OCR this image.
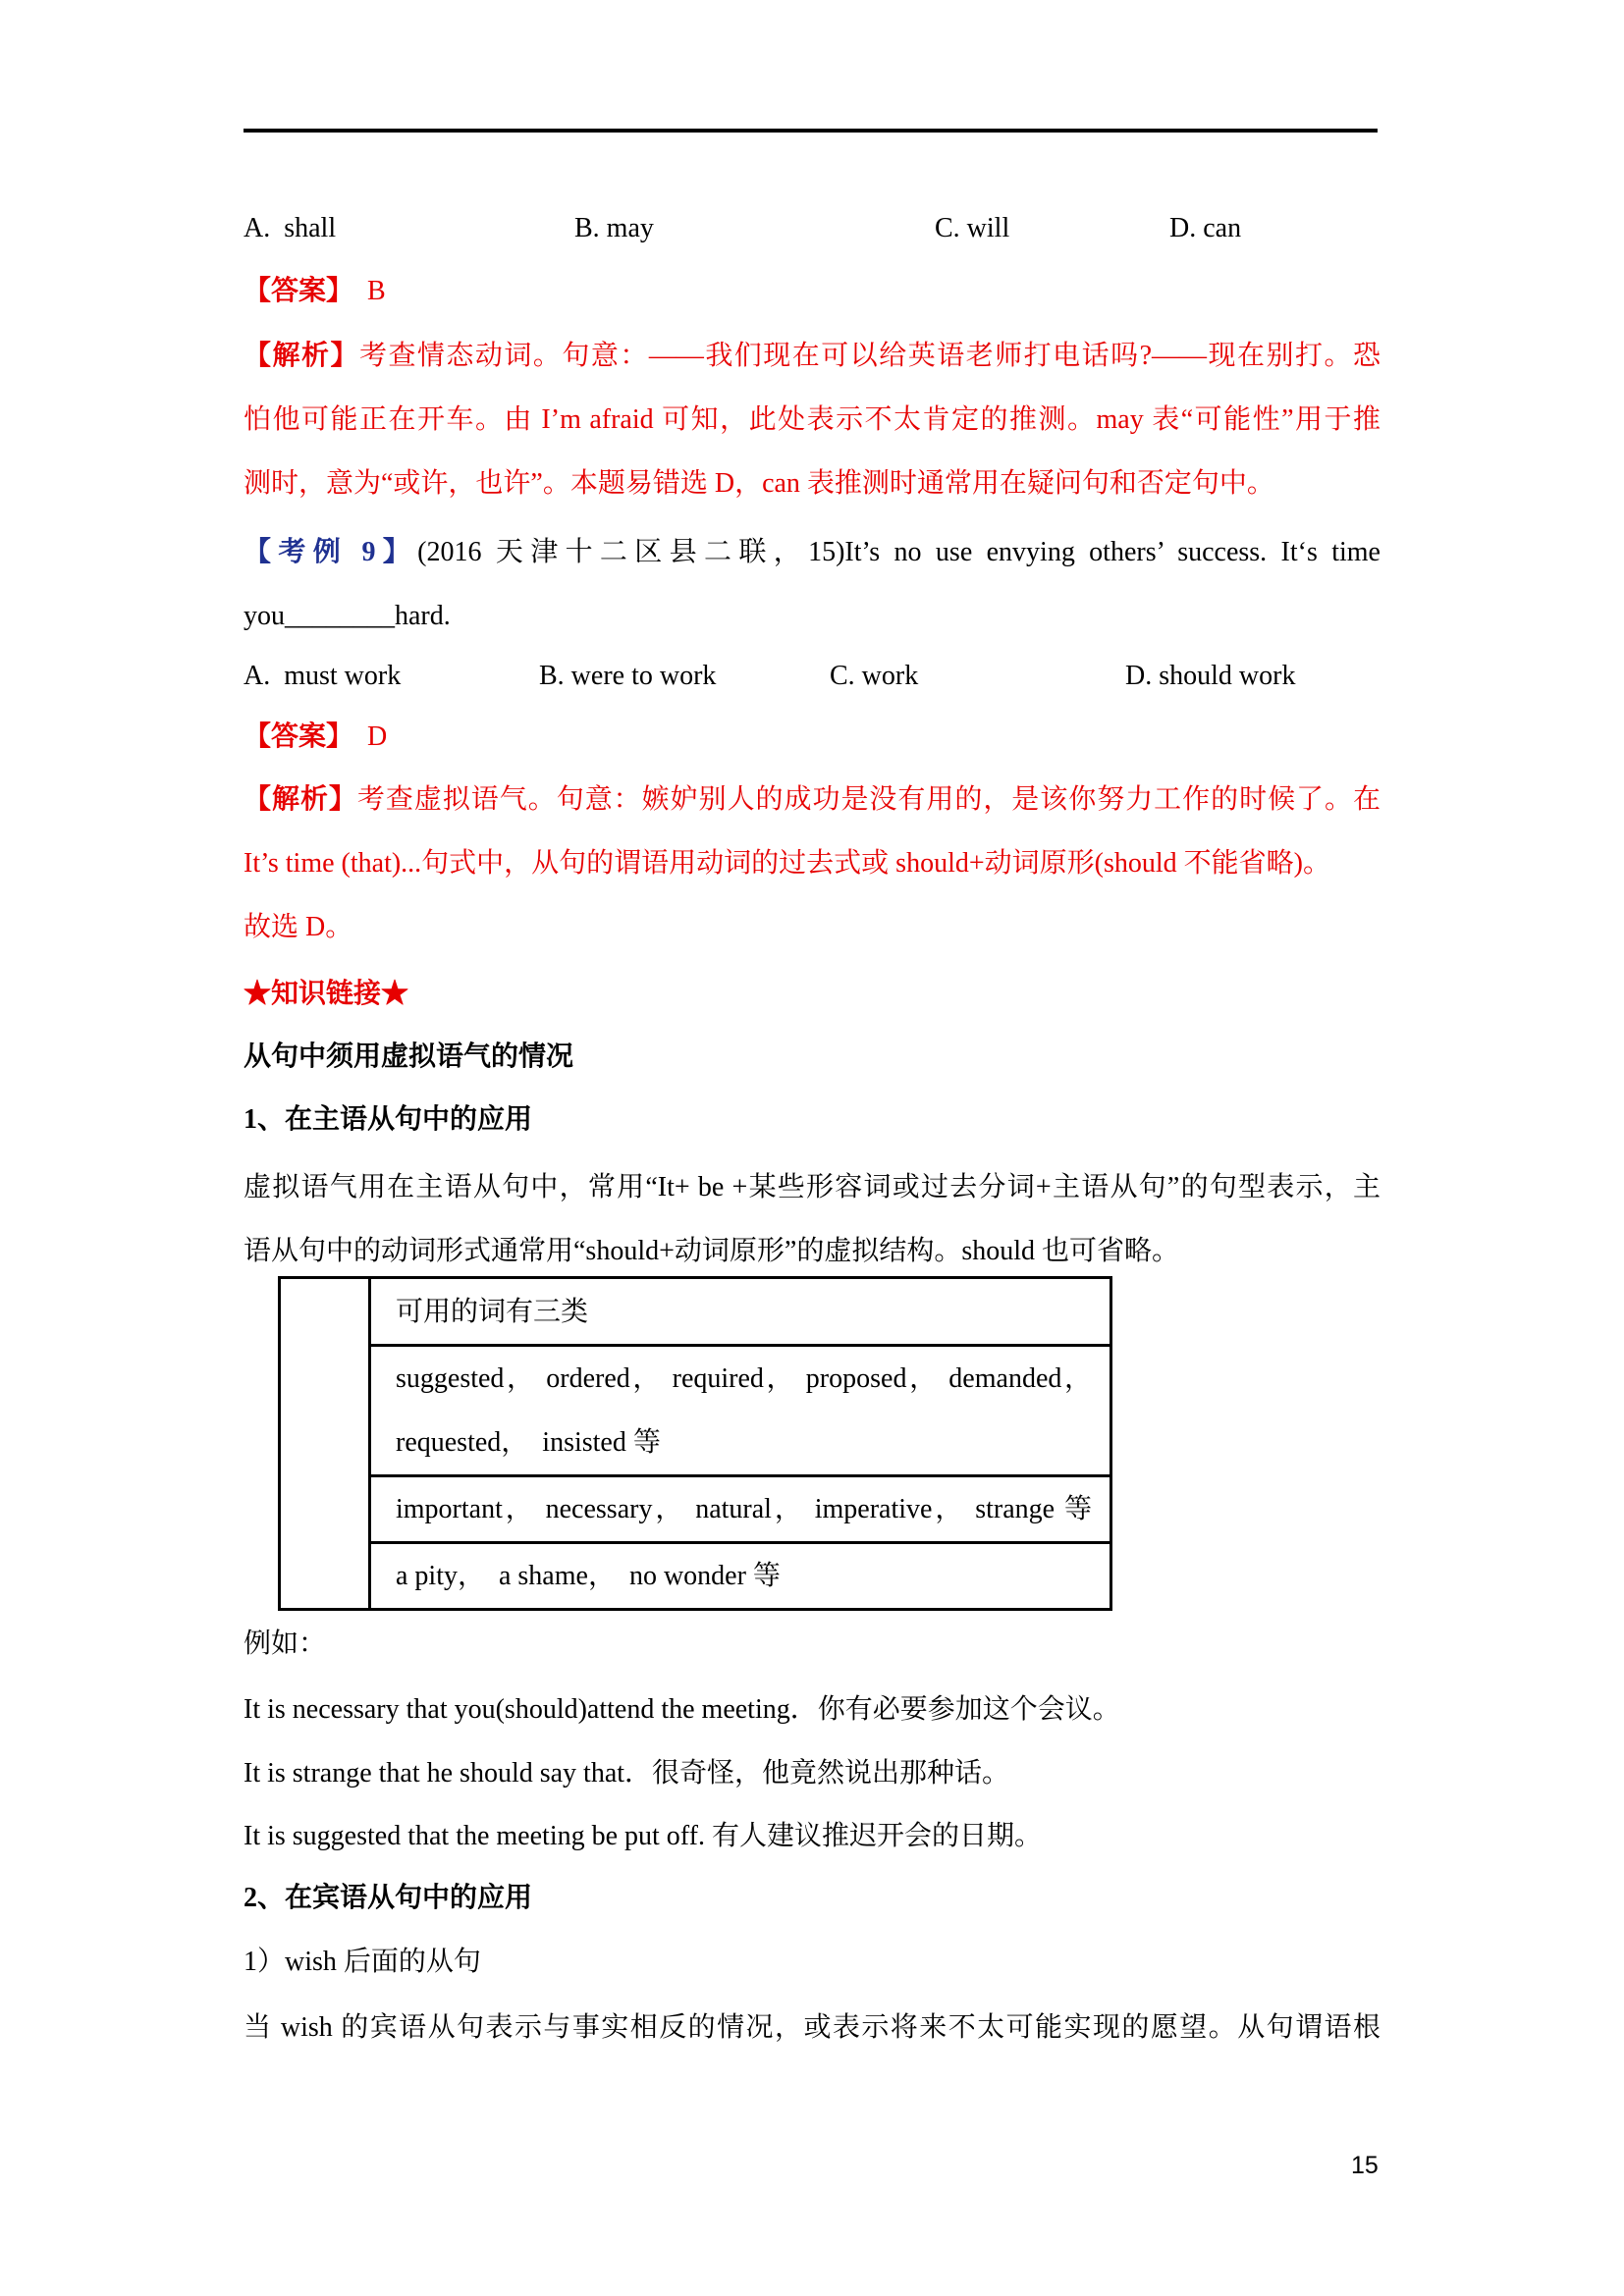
A.  shall	B. may	C. will	D. can
【答案】 B
【解析】考查情态动词。句意：——我们现在可以给英语老师打电话吗?——现在别打。恐
怕他可能正在开车。由 I’m afraid 可知，此处表示不太肯定的推测。may 表“可能性”用于推
测时，意为“或许，也许”。本题易错选 D，can 表推测时通常用在疑问句和否定句中。
【考例 9】(2016 天津十二区县二联，15)It’s no use envying others’ success. It‘s time
you________hard.
A.  must work	B. were to work	C. work	D. should work
【答案】 D
【解析】考查虚拟语气。句意：嫉妒别人的成功是没有用的，是该你努力工作的时候了。在
It’s time (that)...句式中，从句的谓语用动词的过去式或 should+动词原形(should 不能省略)。
故选 D。
★知识链接★
从句中须用虚拟语气的情况
1、在主语从句中的应用
虚拟语气用在主语从句中，常用“It+ be +某些形容词或过去分词+主语从句”的句型表示，主
语从句中的动词形式通常用“should+动词原形”的虚拟结构。should 也可省略。
	可用的词有三类

suggested， ordered， required， proposed， demanded，
requested，  insisted 等

important， necessary， natural， imperative， strange 等

a pity，  a shame，  no wonder 等
例如：
It is necessary that you(should)attend the meeting．你有必要参加这个会议。
It is strange that he should say that．很奇怪，他竟然说出那种话。
It is suggested that the meeting be put off. 有人建议推迟开会的日期。
2、在宾语从句中的应用
1）wish 后面的从句
当 wish 的宾语从句表示与事实相反的情况，或表示将来不太可能实现的愿望。从句谓语根
15
